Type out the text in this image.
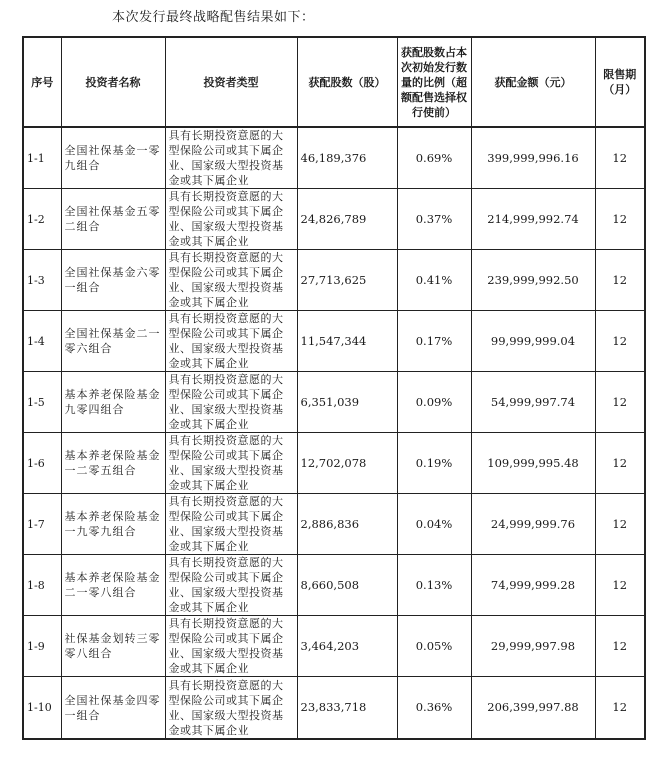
本次发行最终战略配售结果如下：
序号	投资者名称	投资者类型	获配股数（股）	获配股数占本次初始发行数量的比例（超额配售选择权行使前）	获配金额（元）	限售期（月）
1-1	全国社保基金一零九组合	具有长期投资意愿的大型保险公司或其下属企业、国家级大型投资基金或其下属企业	46,189,376	0.69%	399,999,996.16	12
1-2	全国社保基金五零二组合	具有长期投资意愿的大型保险公司或其下属企业、国家级大型投资基金或其下属企业	24,826,789	0.37%	214,999,992.74	12
1-3	全国社保基金六零一组合	具有长期投资意愿的大型保险公司或其下属企业、国家级大型投资基金或其下属企业	27,713,625	0.41%	239,999,992.50	12
1-4	全国社保基金二一零六组合	具有长期投资意愿的大型保险公司或其下属企业、国家级大型投资基金或其下属企业	11,547,344	0.17%	99,999,999.04	12
1-5	基本养老保险基金九零四组合	具有长期投资意愿的大型保险公司或其下属企业、国家级大型投资基金或其下属企业	6,351,039	0.09%	54,999,997.74	12
1-6	基本养老保险基金一二零五组合	具有长期投资意愿的大型保险公司或其下属企业、国家级大型投资基金或其下属企业	12,702,078	0.19%	109,999,995.48	12
1-7	基本养老保险基金一九零九组合	具有长期投资意愿的大型保险公司或其下属企业、国家级大型投资基金或其下属企业	2,886,836	0.04%	24,999,999.76	12
1-8	基本养老保险基金二一零八组合	具有长期投资意愿的大型保险公司或其下属企业、国家级大型投资基金或其下属企业	8,660,508	0.13%	74,999,999.28	12
1-9	社保基金划转三零零八组合	具有长期投资意愿的大型保险公司或其下属企业、国家级大型投资基金或其下属企业	3,464,203	0.05%	29,999,997.98	12
1-10	全国社保基金四零一组合	具有长期投资意愿的大型保险公司或其下属企业、国家级大型投资基金或其下属企业	23,833,718	0.36%	206,399,997.88	12
